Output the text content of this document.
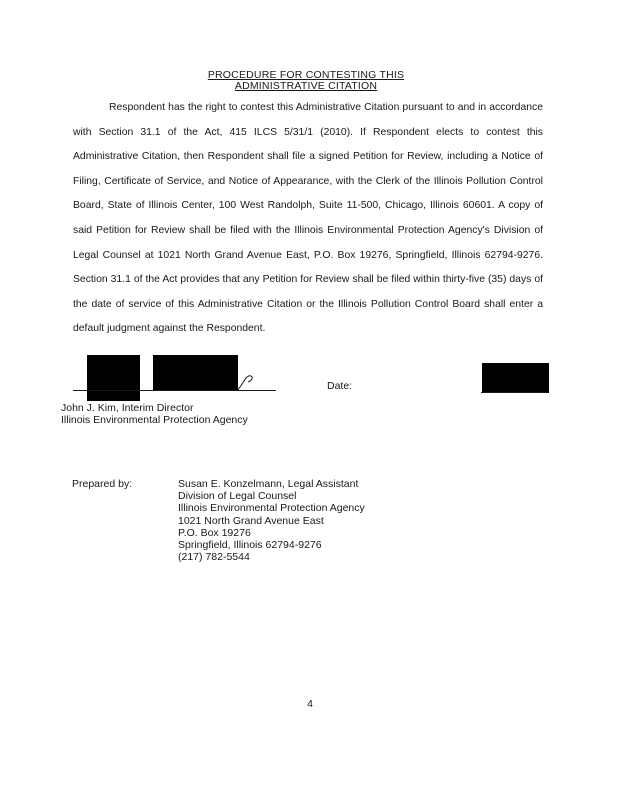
PROCEDURE FOR CONTESTING THIS
ADMINISTRATIVE CITATION

Respondent has the right to contest this Administrative Citation pursuant to and in accordance with Section 31.1 of the Act, 415 ILCS 5/31/1 (2010). If Respondent elects to contest this Administrative Citation, then Respondent shall file a signed Petition for Review, including a Notice of Filing, Certificate of Service, and Notice of Appearance, with the Clerk of the Illinois Pollution Control Board, State of Illinois Center, 100 West Randolph, Suite 11-500, Chicago, Illinois 60601. A copy of said Petition for Review shall be filed with the Illinois Environmental Protection Agency's Division of Legal Counsel at 1021 North Grand Avenue East, P.O. Box 19276, Springfield, Illinois 62794-9276. Section 31.1 of the Act provides that any Petition for Review shall be filed within thirty-five (35) days of the date of service of this Administrative Citation or the Illinois Pollution Control Board shall enter a default judgment against the Respondent.

Date:
John J. Kim, Interim Director
Illinois Environmental Protection Agency
Prepared by:	Susan E. Konzelmann, Legal Assistant
Division of Legal Counsel
Illinois Environmental Protection Agency
1021 North Grand Avenue East
P.O. Box 19276
Springfield, Illinois 62794-9276
(217) 782-5544
4
